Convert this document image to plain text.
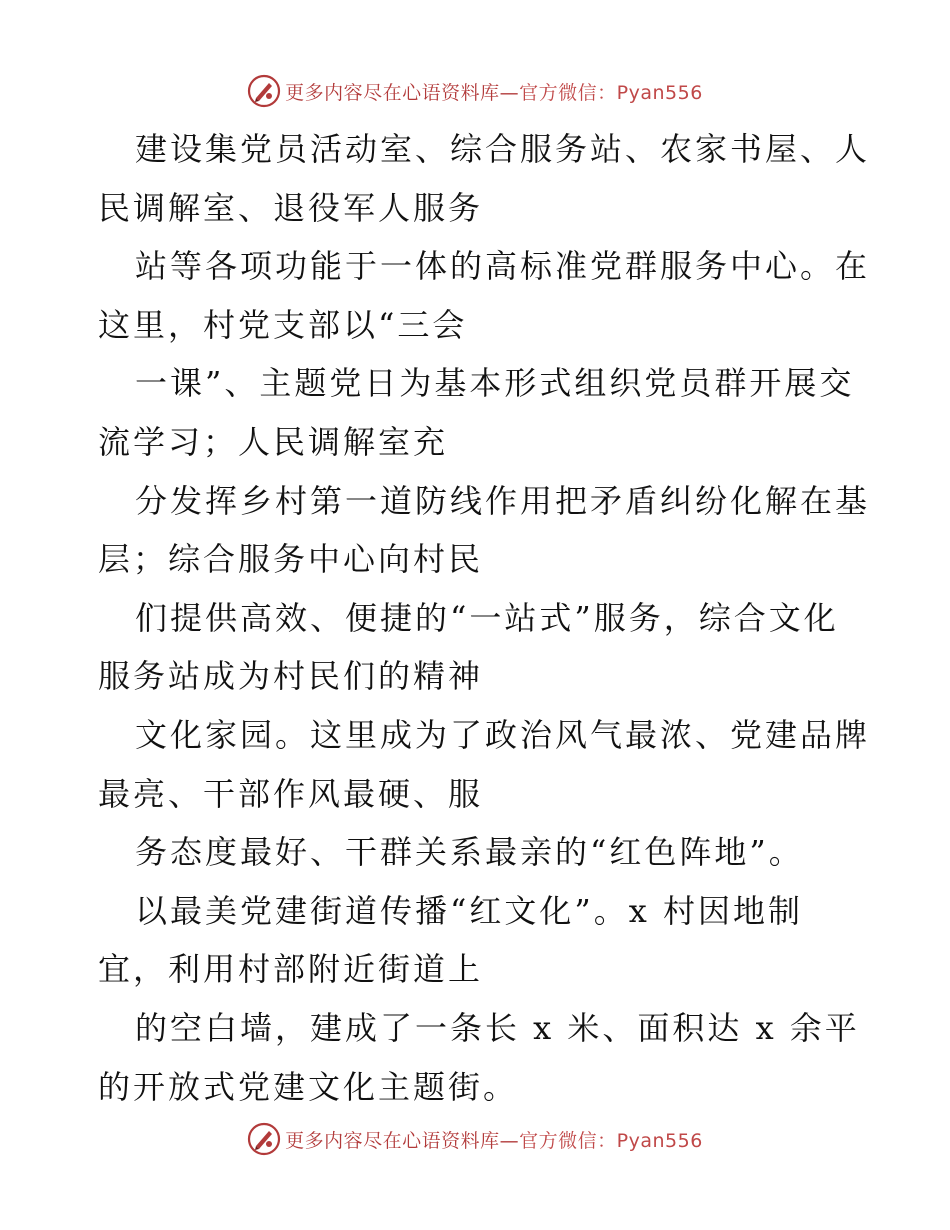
更多内容尽在心语资料库—官方微信：Pyan556
建设集党员活动室、综合服务站、农家书屋、人
民调解室、退役军人服务
站等各项功能于一体的高标准党群服务中心。在
这里，村党支部以“三会
一课”、主题党日为基本形式组织党员群开展交
流学习；人民调解室充
分发挥乡村第一道防线作用把矛盾纠纷化解在基
层；综合服务中心向村民
们提供高效、便捷的“一站式”服务，综合文化
服务站成为村民们的精神
文化家园。这里成为了政治风气最浓、党建品牌
最亮、干部作风最硬、服
务态度最好、干群关系最亲的“红色阵地”。
以最美党建街道传播“红文化”。x 村因地制
宜，利用村部附近街道上
的空白墙，建成了一条长 x 米、面积达 x 余平
的开放式党建文化主题街。
更多内容尽在心语资料库—官方微信：Pyan556
